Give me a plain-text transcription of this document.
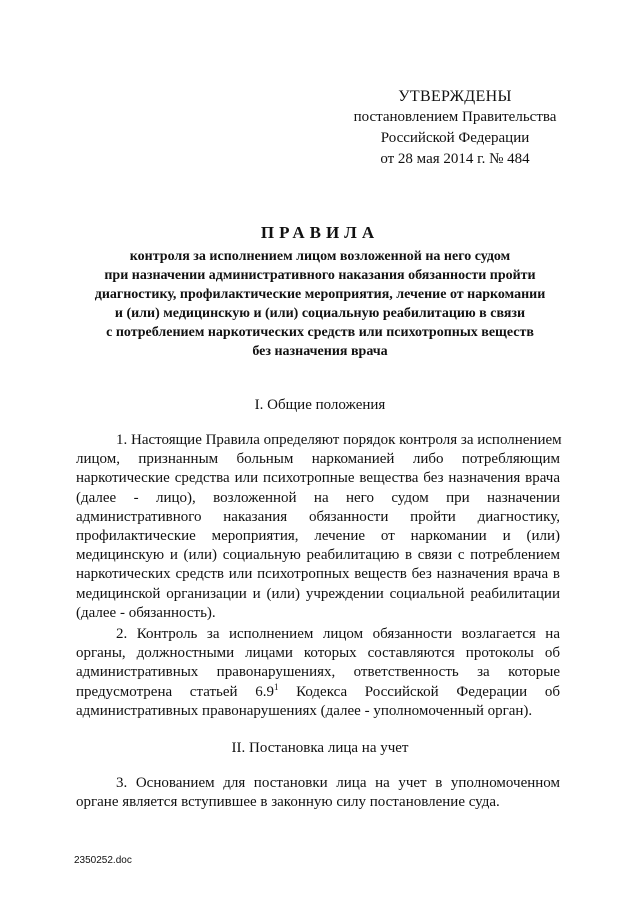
УТВЕРЖДЕНЫ
постановлением Правительства
Российской Федерации
от 28 мая 2014 г. № 484
ПРАВИЛА
контроля за исполнением лицом возложенной на него судом
при назначении административного наказания обязанности пройти
диагностику, профилактические мероприятия, лечение от наркомании
и (или) медицинскую и (или) социальную реабилитацию в связи
с потреблением наркотических средств или психотропных веществ
без назначения врача
I. Общие положения
1. Настоящие Правила определяют порядок контроля за исполнением
лицом, признанным больным наркоманией либо потребляющим
наркотические средства или психотропные вещества без назначения врача
(далее - лицо), возложенной на него судом при назначении
административного наказания обязанности пройти диагностику,
профилактические мероприятия, лечение от наркомании и (или)
медицинскую и (или) социальную реабилитацию в связи с потреблением
наркотических средств или психотропных веществ без назначения врача в
медицинской организации и (или) учреждении социальной реабилитации
(далее - обязанность).
2. Контроль за исполнением лицом обязанности возлагается на
органы, должностными лицами которых составляются протоколы об
административных правонарушениях, ответственность за которые
предусмотрена статьей $6.9^1$ Кодекса Российской Федерации об
административных правонарушениях (далее - уполномоченный орган).
II. Постановка лица на учет
3. Основанием для постановки лица на учет в уполномоченном
органе является вступившее в законную силу постановление суда.
2350252.doc
